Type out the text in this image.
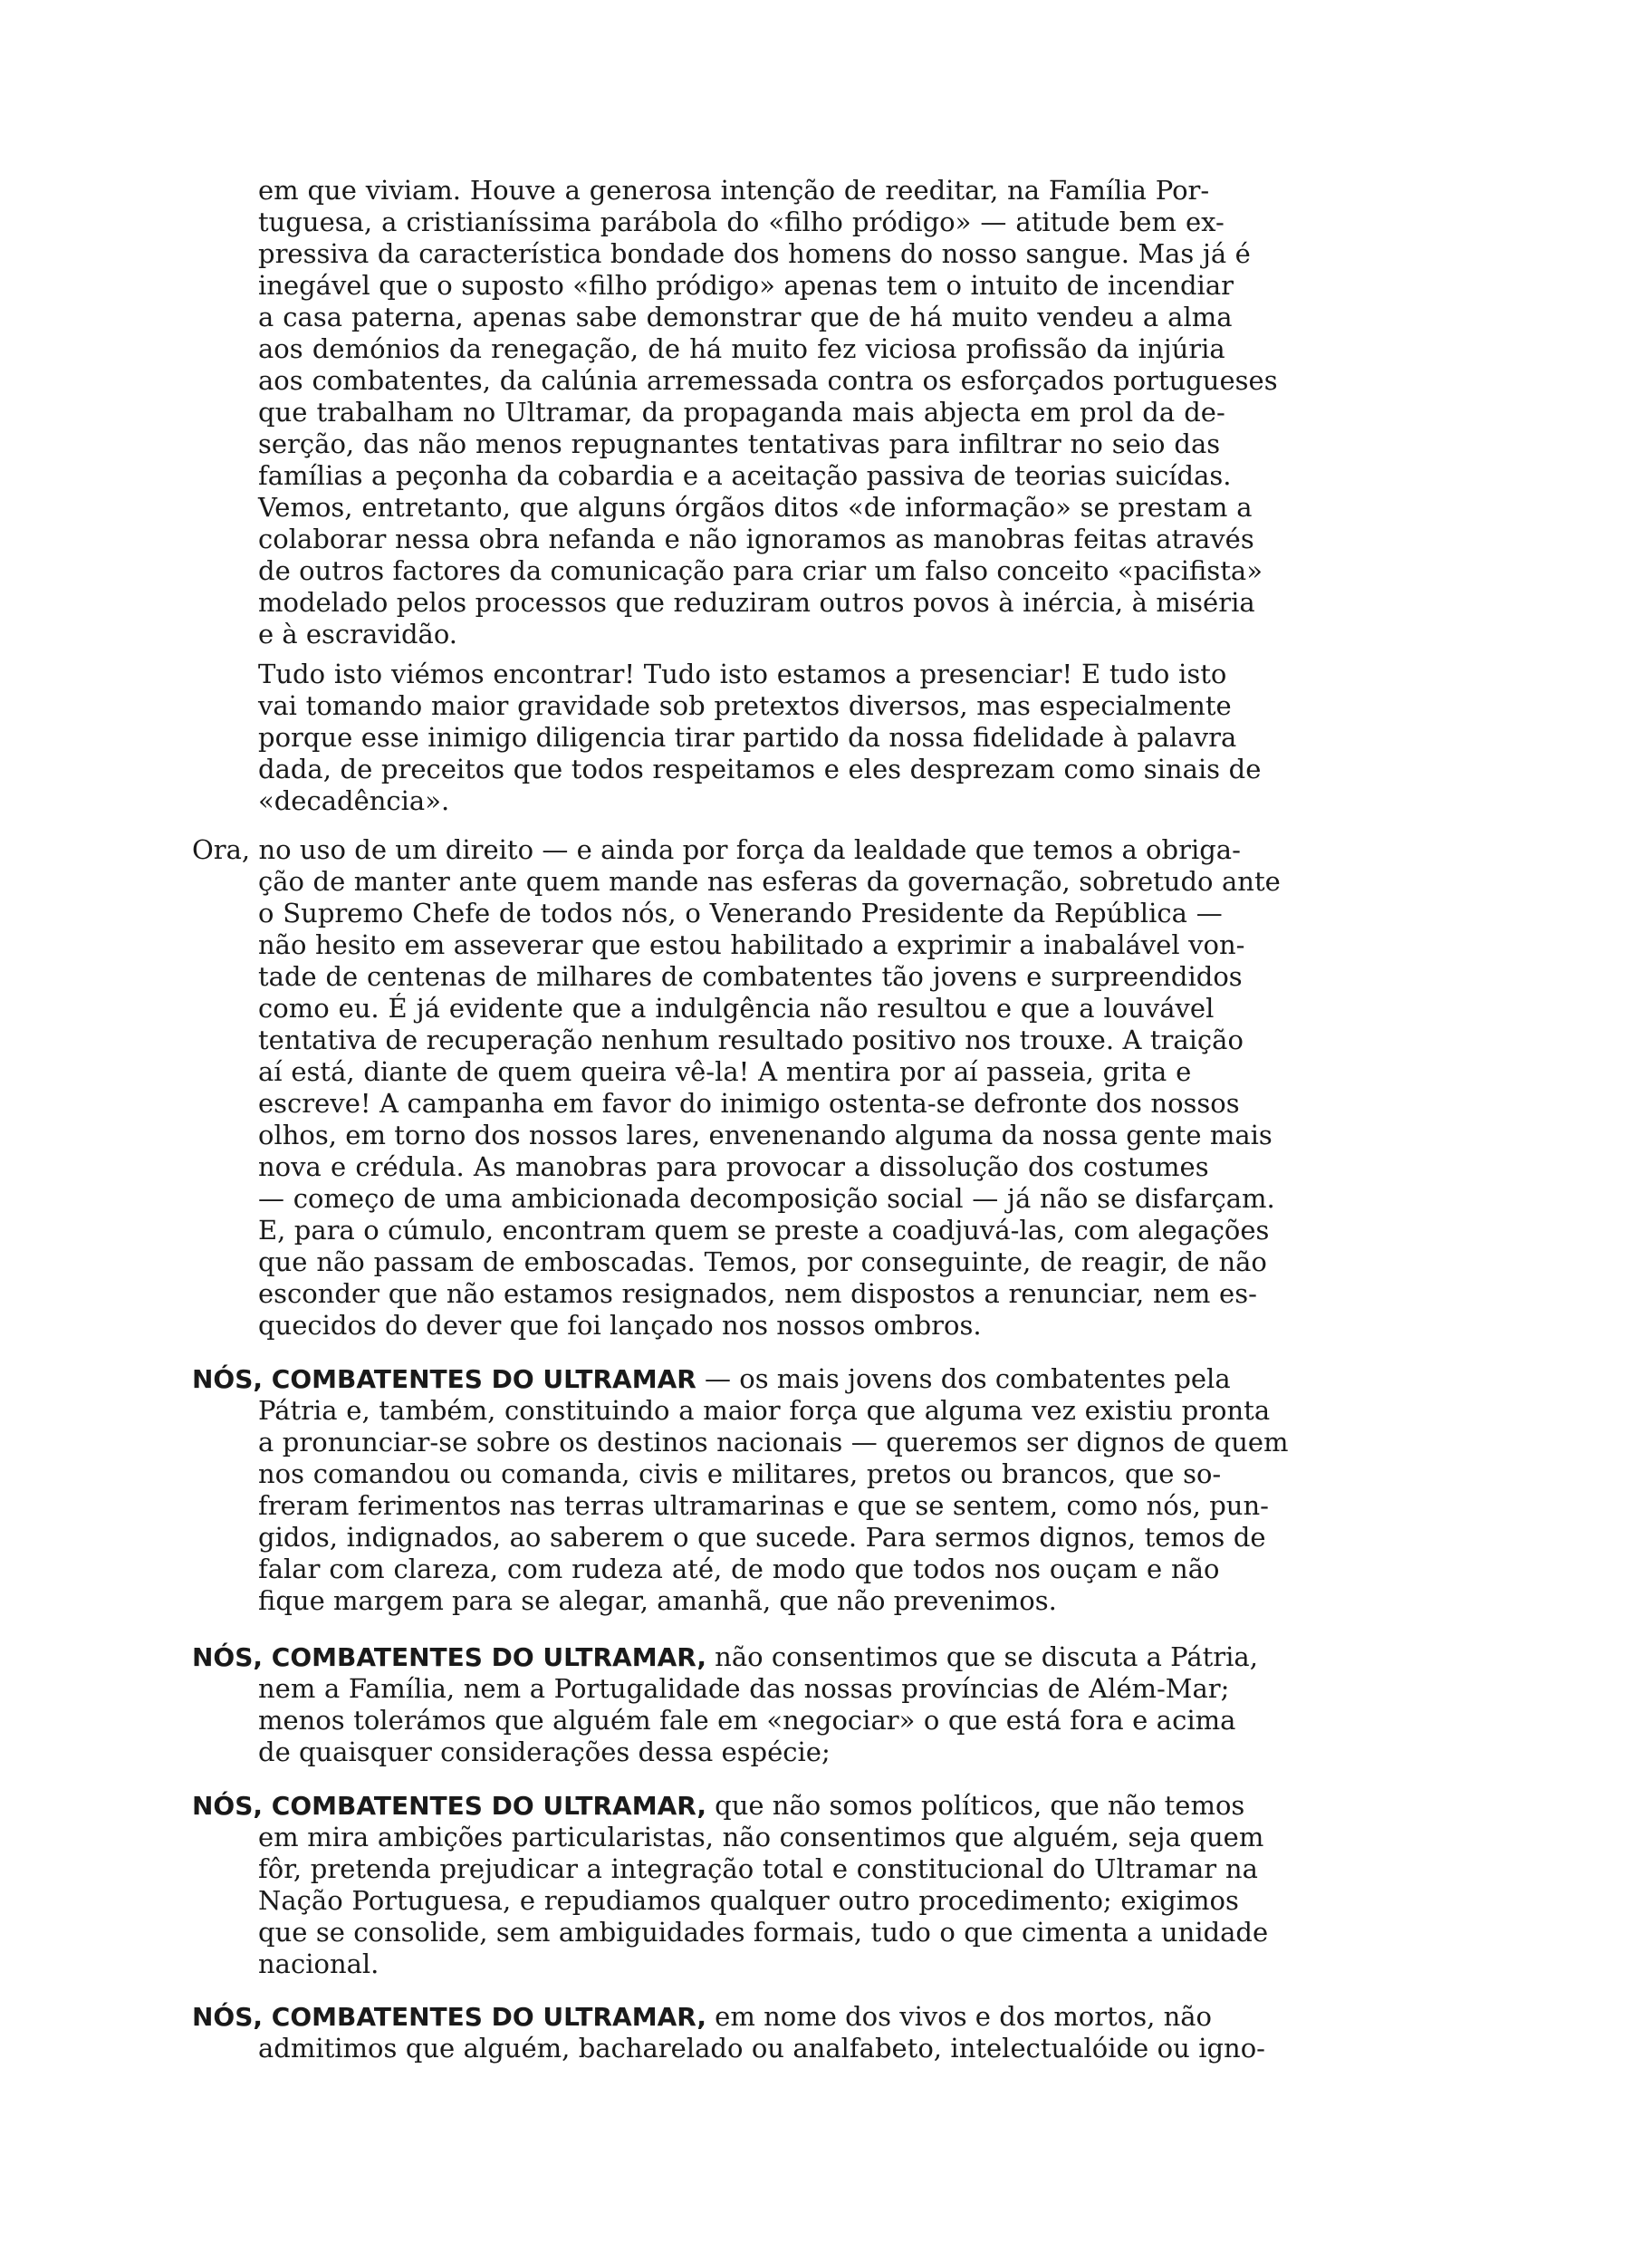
em que viviam. Houve a generosa intenção de reeditar, na Família Por-
tuguesa, a cristianíssima parábola do «filho pródigo» — atitude bem ex-
pressiva da característica bondade dos homens do nosso sangue. Mas já é
inegável que o suposto «filho pródigo» apenas tem o intuito de incendiar
a casa paterna, apenas sabe demonstrar que de há muito vendeu a alma
aos demónios da renegação, de há muito fez viciosa profissão da injúria
aos combatentes, da calúnia arremessada contra os esforçados portugueses
que trabalham no Ultramar, da propaganda mais abjecta em prol da de-
serção, das não menos repugnantes tentativas para infiltrar no seio das
famílias a peçonha da cobardia e a aceitação passiva de teorias suicídas.
Vemos, entretanto, que alguns órgãos ditos «de informação» se prestam a
colaborar nessa obra nefanda e não ignoramos as manobras feitas através
de outros factores da comunicação para criar um falso conceito «pacifista»
modelado pelos processos que reduziram outros povos à inércia, à miséria
e à escravidão.
Tudo isto viémos encontrar! Tudo isto estamos a presenciar! E tudo isto
vai tomando maior gravidade sob pretextos diversos, mas especialmente
porque esse inimigo diligencia tirar partido da nossa fidelidade à palavra
dada, de preceitos que todos respeitamos e eles desprezam como sinais de
«decadência».
Ora, no uso de um direito — e ainda por força da lealdade que temos a obriga-
ção de manter ante quem mande nas esferas da governação, sobretudo ante
o Supremo Chefe de todos nós, o Venerando Presidente da República —
não hesito em asseverar que estou habilitado a exprimir a inabalável von-
tade de centenas de milhares de combatentes tão jovens e surpreendidos
como eu. É já evidente que a indulgência não resultou e que a louvável
tentativa de recuperação nenhum resultado positivo nos trouxe. A traição
aí está, diante de quem queira vê-la! A mentira por aí passeia, grita e
escreve! A campanha em favor do inimigo ostenta-se defronte dos nossos
olhos, em torno dos nossos lares, envenenando alguma da nossa gente mais
nova e crédula. As manobras para provocar a dissolução dos costumes
— começo de uma ambicionada decomposição social — já não se disfarçam.
E, para o cúmulo, encontram quem se preste a coadjuvá-las, com alegações
que não passam de emboscadas. Temos, por conseguinte, de reagir, de não
esconder que não estamos resignados, nem dispostos a renunciar, nem es-
quecidos do dever que foi lançado nos nossos ombros.
NÓS, COMBATENTES DO ULTRAMAR — os mais jovens dos combatentes pela
Pátria e, também, constituindo a maior força que alguma vez existiu pronta
a pronunciar-se sobre os destinos nacionais — queremos ser dignos de quem
nos comandou ou comanda, civis e militares, pretos ou brancos, que so-
freram ferimentos nas terras ultramarinas e que se sentem, como nós, pun-
gidos, indignados, ao saberem o que sucede. Para sermos dignos, temos de
falar com clareza, com rudeza até, de modo que todos nos ouçam e não
fique margem para se alegar, amanhã, que não prevenimos.
NÓS, COMBATENTES DO ULTRAMAR, não consentimos que se discuta a Pátria,
nem a Família, nem a Portugalidade das nossas províncias de Além-Mar;
menos tolerámos que alguém fale em «negociar» o que está fora e acima
de quaisquer considerações dessa espécie;
NÓS, COMBATENTES DO ULTRAMAR, que não somos políticos, que não temos
em mira ambições particularistas, não consentimos que alguém, seja quem
fôr, pretenda prejudicar a integração total e constitucional do Ultramar na
Nação Portuguesa, e repudiamos qualquer outro procedimento; exigimos
que se consolide, sem ambiguidades formais, tudo o que cimenta a unidade
nacional.
NÓS, COMBATENTES DO ULTRAMAR, em nome dos vivos e dos mortos, não
admitimos que alguém, bacharelado ou analfabeto, intelectualóide ou igno-
